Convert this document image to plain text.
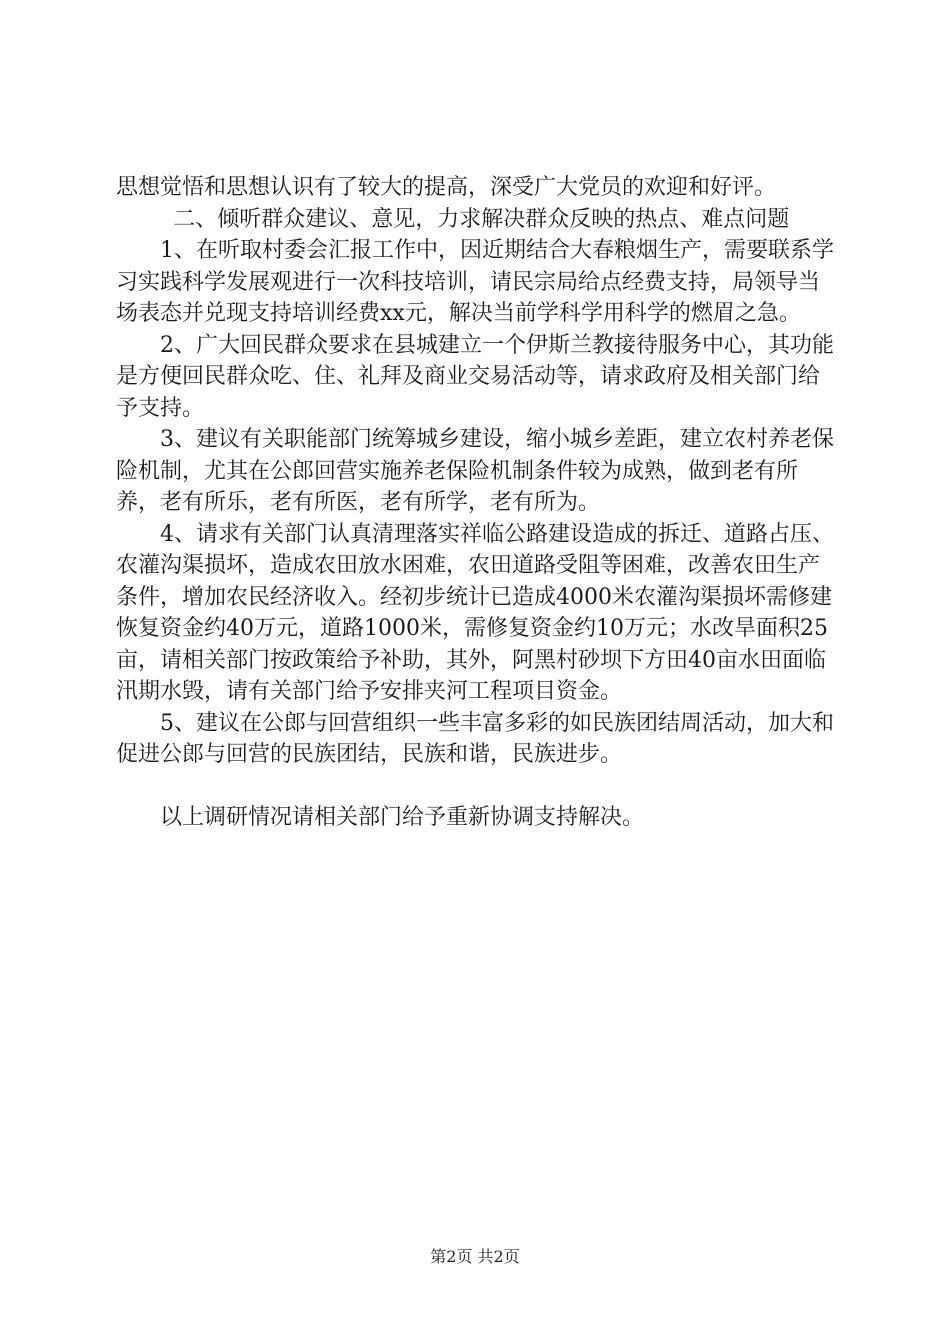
思想觉悟和思想认识有了较大的提高，深受广大党员的欢迎和好评。

二、倾听群众建议、意见，力求解决群众反映的热点、难点问题

1、在听取村委会汇报工作中，因近期结合大春粮烟生产，需要联系学习实践科学发展观进行一次科技培训，请民宗局给点经费支持，局领导当场表态并兑现支持培训经费xx元，解决当前学科学用科学的燃眉之急。

2、广大回民群众要求在县城建立一个伊斯兰教接待服务中心，其功能是方便回民群众吃、住、礼拜及商业交易活动等，请求政府及相关部门给予支持。

3、建议有关职能部门统筹城乡建设，缩小城乡差距，建立农村养老保险机制，尤其在公郎回营实施养老保险机制条件较为成熟，做到老有所养，老有所乐，老有所医，老有所学，老有所为。

4、请求有关部门认真清理落实祥临公路建设造成的拆迁、道路占压、农灌沟渠损坏，造成农田放水困难，农田道路受阻等困难，改善农田生产条件，增加农民经济收入。经初步统计已造成4000米农灌沟渠损坏需修建恢复资金约40万元，道路1000米，需修复资金约10万元；水改旱面积25亩，请相关部门按政策给予补助，其外，阿黑村砂坝下方田40亩水田面临汛期水毁，请有关部门给予安排夹河工程项目资金。

5、建议在公郎与回营组织一些丰富多彩的如民族团结周活动，加大和促进公郎与回营的民族团结，民族和谐，民族进步。

以上调研情况请相关部门给予重新协调支持解决。

第2页 共2页
